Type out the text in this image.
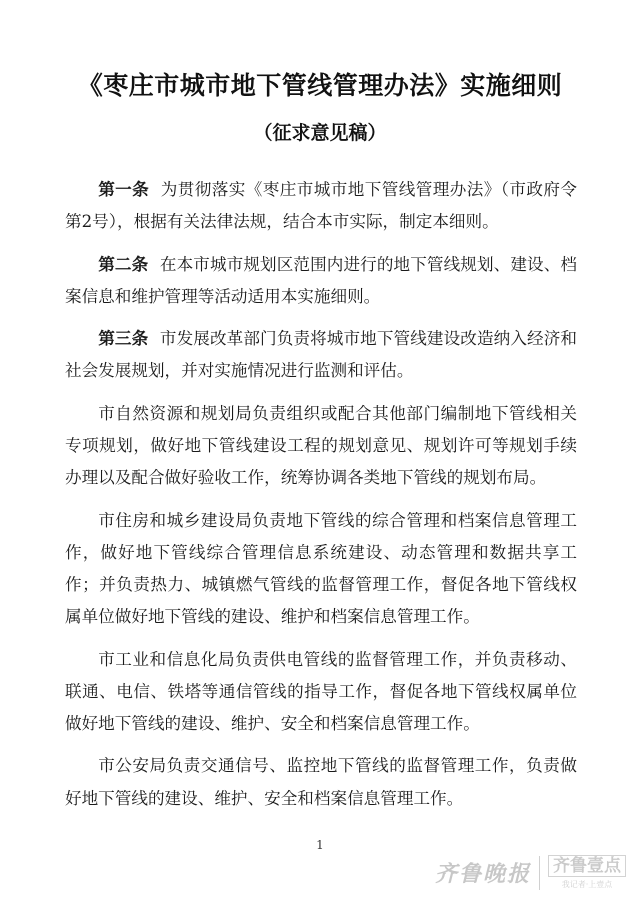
《枣庄市城市地下管线管理办法》实施细则
（征求意见稿）

第一条 为贯彻落实《枣庄市城市地下管线管理办法》（市政府令第2号），根据有关法律法规，结合本市实际，制定本细则。

第二条 在本市城市规划区范围内进行的地下管线规划、建设、档案信息和维护管理等活动适用本实施细则。

第三条 市发展改革部门负责将城市地下管线建设改造纳入经济和社会发展规划，并对实施情况进行监测和评估。

市自然资源和规划局负责组织或配合其他部门编制地下管线相关专项规划，做好地下管线建设工程的规划意见、规划许可等规划手续办理以及配合做好验收工作，统筹协调各类地下管线的规划布局。

市住房和城乡建设局负责地下管线的综合管理和档案信息管理工作，做好地下管线综合管理信息系统建设、动态管理和数据共享工作；并负责热力、城镇燃气管线的监督管理工作，督促各地下管线权属单位做好地下管线的建设、维护和档案信息管理工作。

市工业和信息化局负责供电管线的监督管理工作，并负责移动、联通、电信、铁塔等通信管线的指导工作，督促各地下管线权属单位做好地下管线的建设、维护、安全和档案信息管理工作。

市公安局负责交通信号、监控地下管线的监督管理工作，负责做好地下管线的建设、维护、安全和档案信息管理工作。

1
齐鲁晚报 齐鲁壹点
我记者·上壹点
